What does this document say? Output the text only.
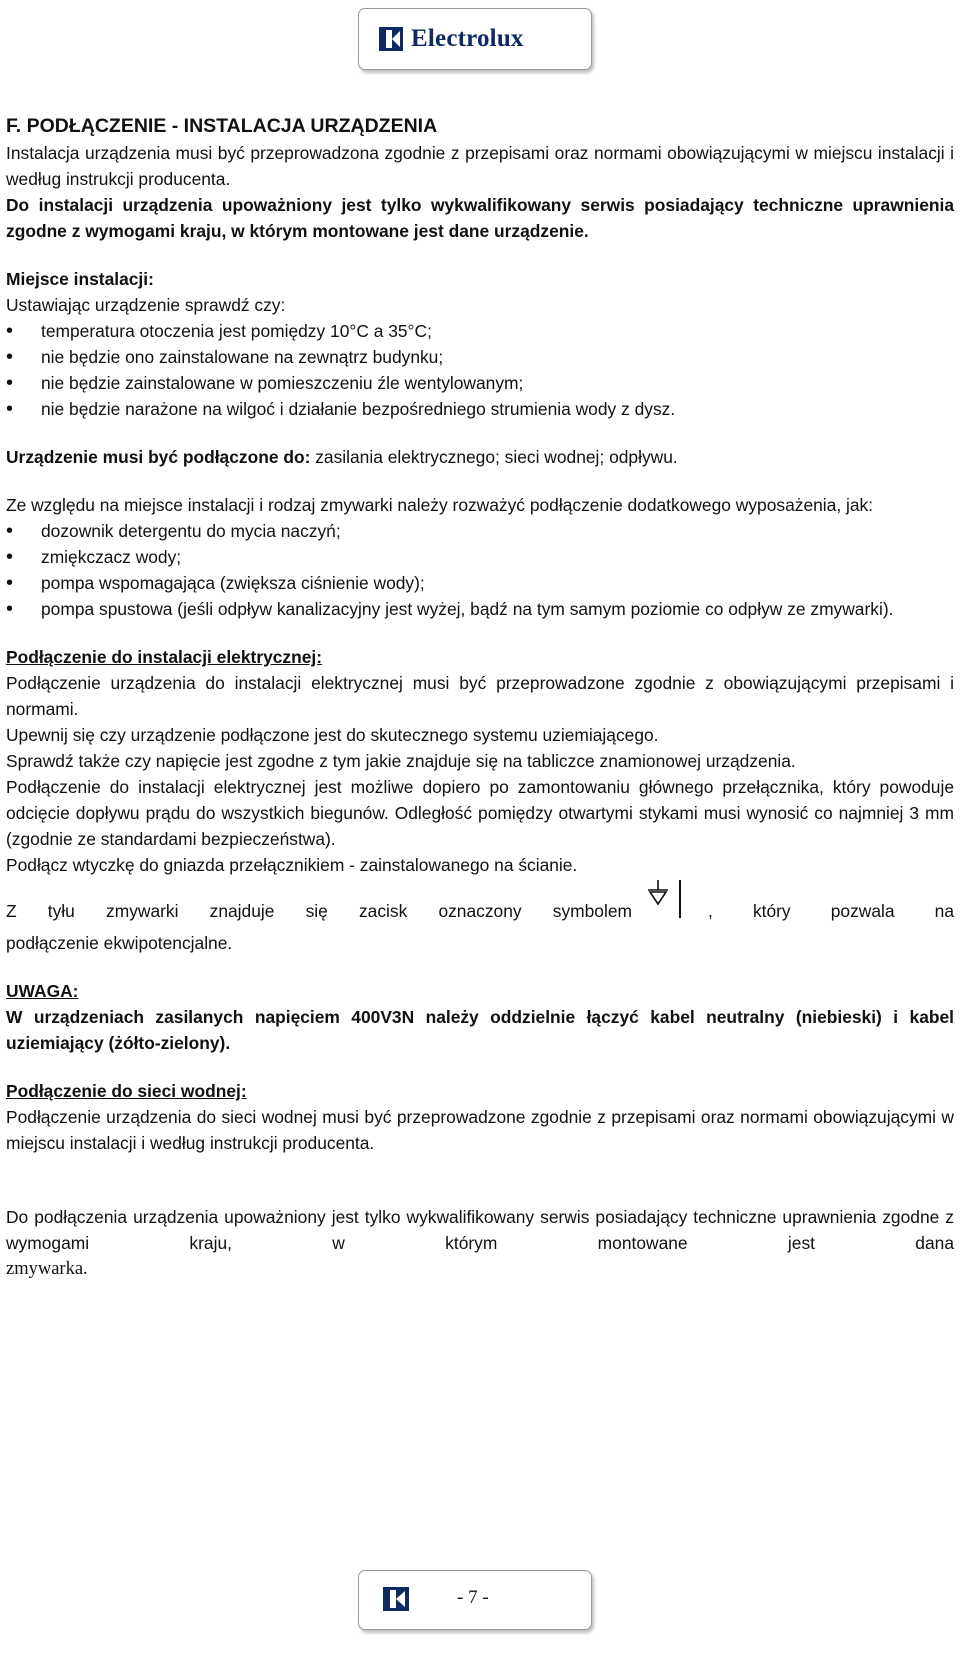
Electrolux

F. PODŁĄCZENIE - INSTALACJA URZĄDZENIA

Instalacja urządzenia musi być przeprowadzona zgodnie z przepisami oraz normami obowiązującymi w miejscu instalacji i według instrukcji producenta.

Do instalacji urządzenia upoważniony jest tylko wykwalifikowany serwis posiadający techniczne uprawnienia zgodne z wymogami kraju, w którym montowane jest dane urządzenie.

Miejsce instalacji:

Ustawiając urządzenie sprawdź czy:

• temperatura otoczenia jest pomiędzy 10°C a 35°C;
• nie będzie ono zainstalowane na zewnątrz budynku;
• nie będzie zainstalowane w pomieszczeniu źle wentylowanym;
• nie będzie narażone na wilgoć i działanie bezpośredniego strumienia wody z dysz.

Urządzenie musi być podłączone do: zasilania elektrycznego; sieci wodnej; odpływu.

Ze względu na miejsce instalacji i rodzaj zmywarki należy rozważyć podłączenie dodatkowego wyposażenia, jak:

• dozownik detergentu do mycia naczyń;
• zmiękczacz wody;
• pompa wspomagająca (zwiększa ciśnienie wody);
• pompa spustowa (jeśli odpływ kanalizacyjny jest wyżej, bądź na tym samym poziomie co odpływ ze zmywarki).

Podłączenie do instalacji elektrycznej:

Podłączenie urządzenia do instalacji elektrycznej musi być przeprowadzone zgodnie z obowiązującymi przepisami i normami.

Upewnij się czy urządzenie podłączone jest do skutecznego systemu uziemiającego.

Sprawdź także czy napięcie jest zgodne z tym jakie znajduje się na tabliczce znamionowej urządzenia.

Podłączenie do instalacji elektrycznej jest możliwe dopiero po zamontowaniu głównego przełącznika, który powoduje odcięcie dopływu prądu do wszystkich biegunów. Odległość pomiędzy otwartymi stykami musi wynosić co najmniej 3 mm (zgodnie ze standardami bezpieczeństwa).

Podłącz wtyczkę do gniazda przełącznikiem - zainstalowanego na ścianie.

Z tyłu zmywarki znajduje się zacisk oznaczony symbolem	, który pozwala na

podłączenie ekwipotencjalne.

UWAGA:

W urządzeniach zasilanych napięciem 400V3N należy oddzielnie łączyć kabel neutralny (niebieski) i kabel uziemiający (żółto-zielony).

Podłączenie do sieci wodnej:

Podłączenie urządzenia do sieci wodnej musi być przeprowadzone zgodnie z przepisami oraz normami obowiązującymi w miejscu instalacji i według instrukcji producenta.

Do podłączenia urządzenia upoważniony jest tylko wykwalifikowany serwis posiadający techniczne uprawnienia zgodne z wymogami kraju, w którym montowane jest dana

zmywarka.

- 7 -
